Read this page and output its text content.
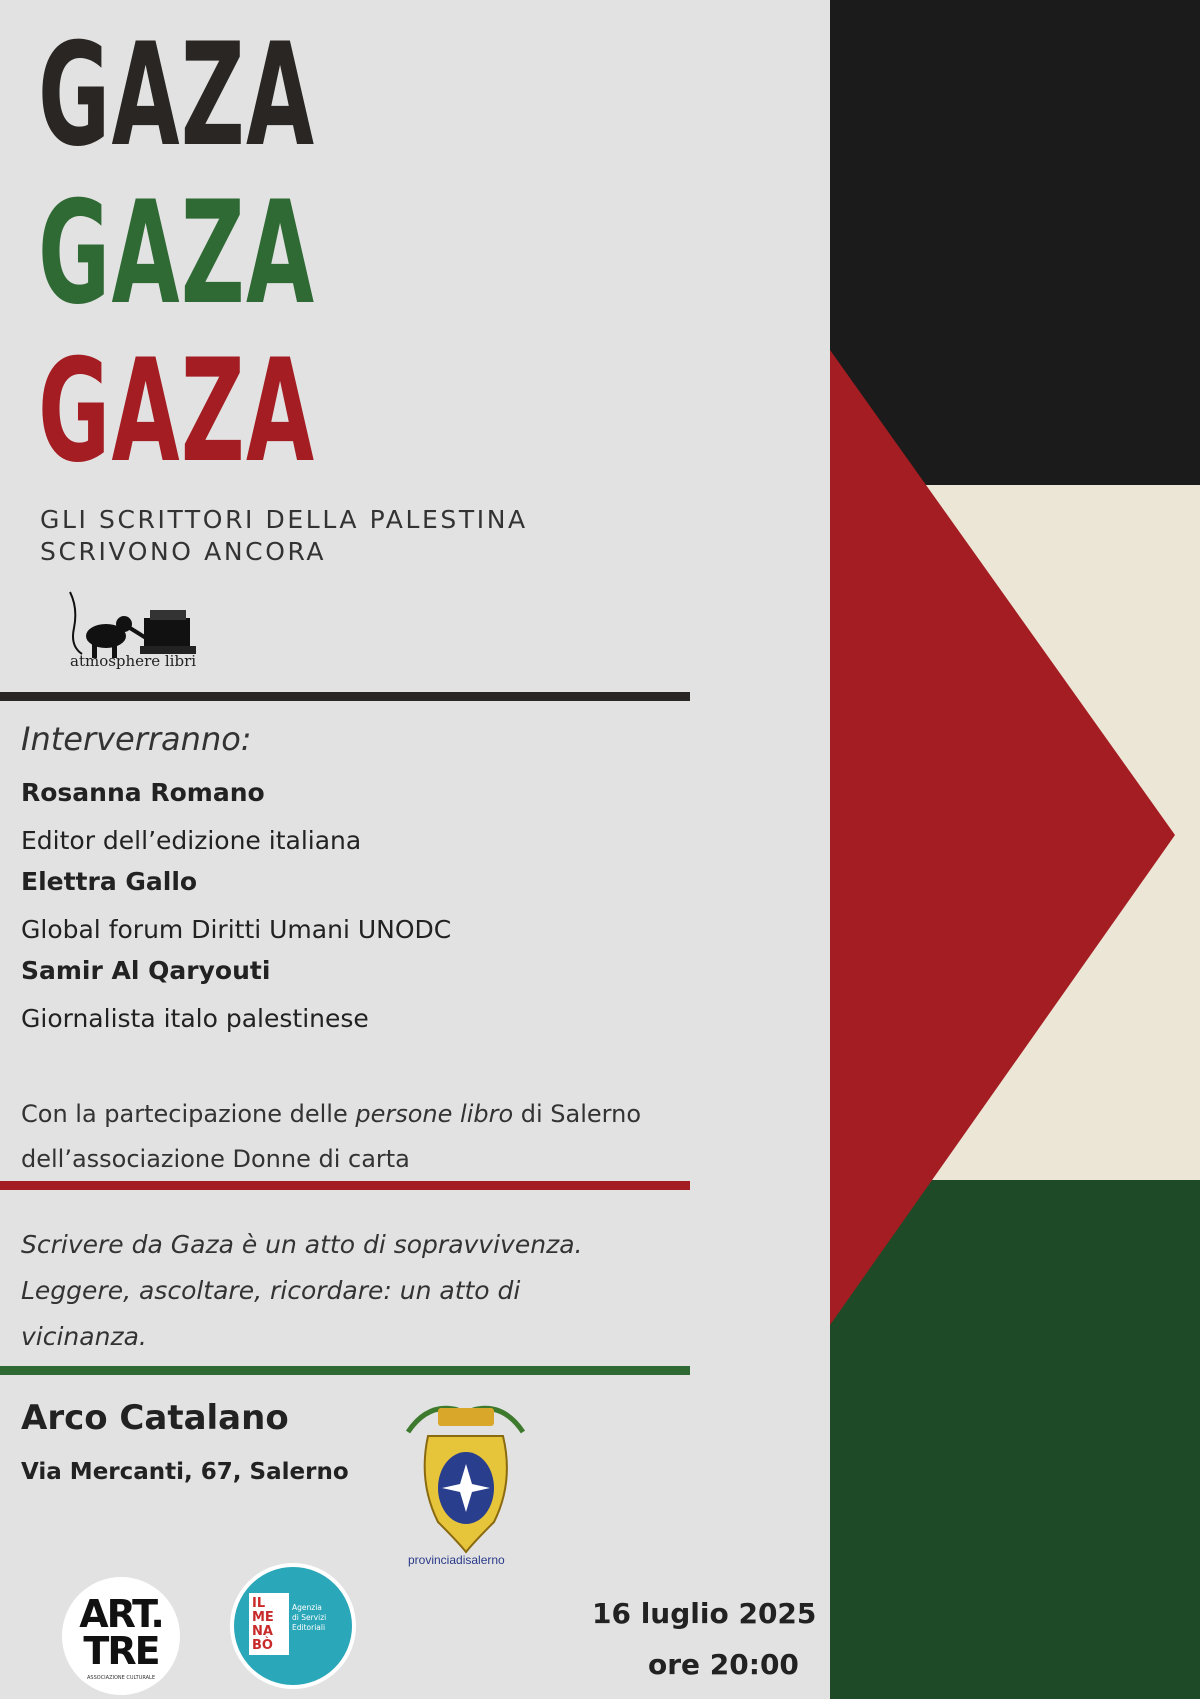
GAZA
GAZA
GAZA
GLI SCRITTORI DELLA PALESTINA
SCRIVONO ANCORA
atmosphere libri
Interverranno:
Rosanna Romano
Editor dell’edizione italiana
Elettra Gallo
Global forum Diritti Umani UNODC
Samir Al Qaryouti
Giornalista italo palestinese
Con la partecipazione delle persone libro di Salerno
dell’associazione Donne di carta
Scrivere da Gaza è un atto di sopravvivenza.
Leggere, ascoltare, ricordare: un atto di
vicinanza.
Arco Catalano
Via Mercanti, 67, Salerno
provinciadisalerno
ART.
TRE
ASSOCIAZIONE CULTURALE
IL
ME
NA
BÒ
Agenzia
di Servizi
Editoriali	16 luglio 2025
ore 20:00
